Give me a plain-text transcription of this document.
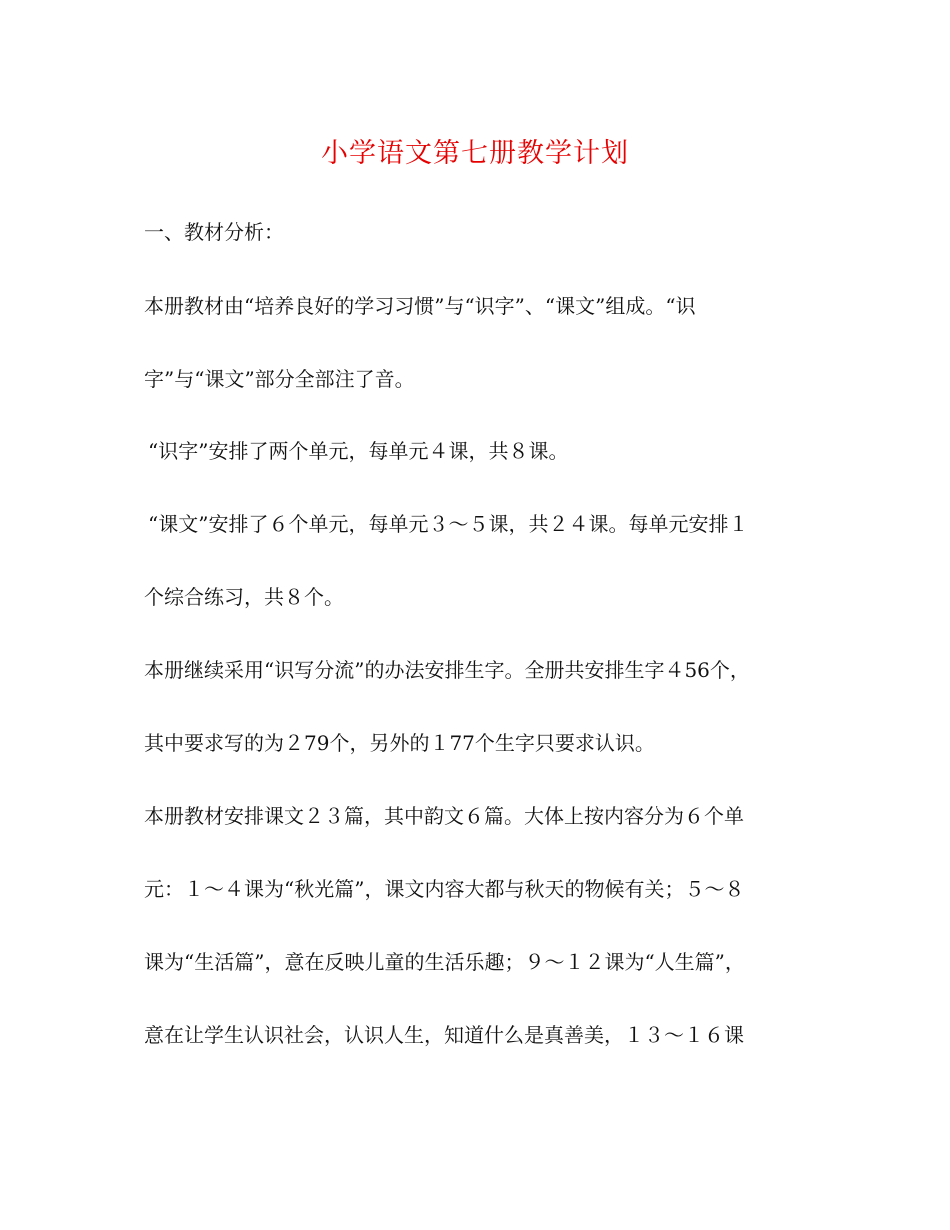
小学语文第七册教学计划
一、教材分析：
本册教材由“培养良好的学习习惯”与“识字”、“课文”组成。“识
字”与“课文”部分全部注了音。
“识字”安排了两个单元，每单元４课，共８课。
“课文”安排了６个单元，每单元３～５课，共２４课。每单元安排１
个综合练习，共８个。
本册继续采用“识写分流”的办法安排生字。全册共安排生字４56个，
其中要求写的为２79个，另外的１77个生字只要求认识。
本册教材安排课文２３篇，其中韵文６篇。大体上按内容分为６个单
元：１～４课为“秋光篇”，课文内容大都与秋天的物候有关；５～８
课为“生活篇”，意在反映儿童的生活乐趣；９～１２课为“人生篇”，
意在让学生认识社会，认识人生，知道什么是真善美，１３～１６课
